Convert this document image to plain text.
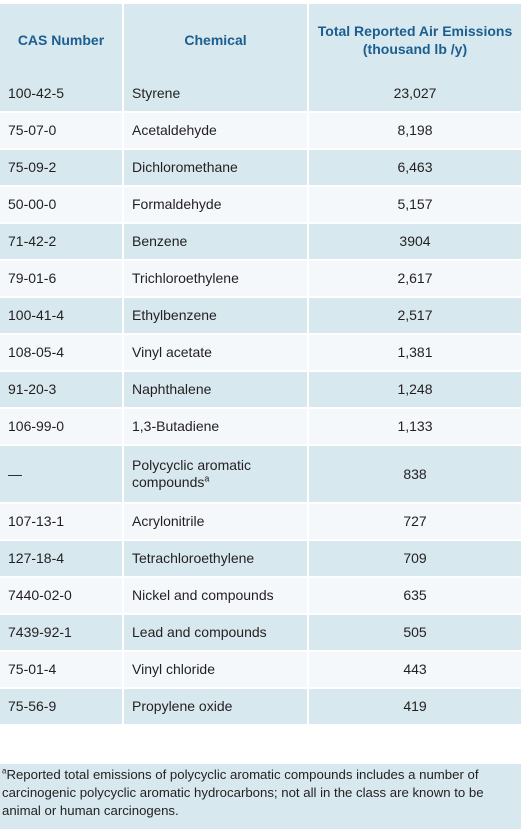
CAS Number	Chemical	Total Reported Air Emissions (thousand lb /y)
100-42-5	Styrene	23,027
75-07-0	Acetaldehyde	8,198
75-09-2	Dichloromethane	6,463
50-00-0	Formaldehyde	5,157
71-42-2	Benzene	3904
79-01-6	Trichloroethylene	2,617
100-41-4	Ethylbenzene	2,517
108-05-4	Vinyl acetate	1,381
91-20-3	Naphthalene	1,248
106-99-0	1,3-Butadiene	1,133
—	Polycyclic aromatic compounds$^a$	838
107-13-1	Acrylonitrile	727
127-18-4	Tetrachloroethylene	709
7440-02-0	Nickel and compounds	635
7439-92-1	Lead and compounds	505
75-01-4	Vinyl chloride	443
75-56-9	Propylene oxide	419
$^a$Reported total emissions of polycyclic aromatic compounds includes a number of carcinogenic polycyclic aromatic hydrocarbons; not all in the class are known to be animal or human carcinogens.
